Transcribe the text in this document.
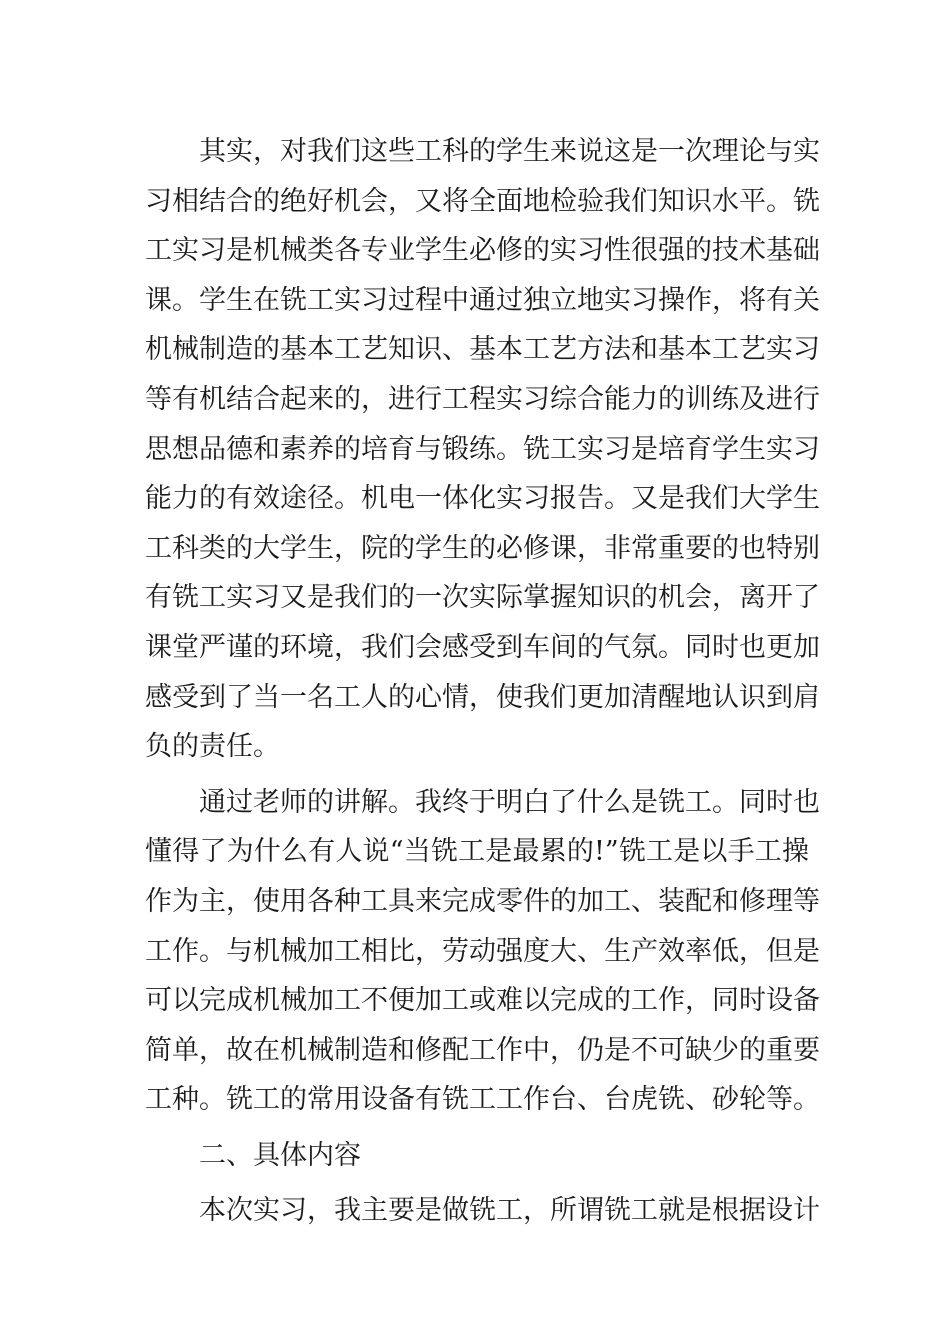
其实，对我们这些工科的学生来说这是一次理论与实
习相结合的绝好机会，又将全面地检验我们知识水平。铣
工实习是机械类各专业学生必修的实习性很强的技术基础
课。学生在铣工实习过程中通过独立地实习操作，将有关
机械制造的基本工艺知识、基本工艺方法和基本工艺实习
等有机结合起来的，进行工程实习综合能力的训练及进行
思想品德和素养的培育与锻练。铣工实习是培育学生实习
能力的有效途径。机电一体化实习报告。又是我们大学生
工科类的大学生，院的学生的必修课，非常重要的也特别
有铣工实习又是我们的一次实际掌握知识的机会，离开了
课堂严谨的环境，我们会感受到车间的气氛。同时也更加
感受到了当一名工人的心情，使我们更加清醒地认识到肩
负的责任。
通过老师的讲解。我终于明白了什么是铣工。同时也
懂得了为什么有人说“当铣工是最累的!”铣工是以手工操
作为主，使用各种工具来完成零件的加工、装配和修理等
工作。与机械加工相比，劳动强度大、生产效率低，但是
可以完成机械加工不便加工或难以完成的工作，同时设备
简单，故在机械制造和修配工作中，仍是不可缺少的重要
工种。铣工的常用设备有铣工工作台、台虎铣、砂轮等。
二、具体内容
本次实习，我主要是做铣工，所谓铣工就是根据设计
